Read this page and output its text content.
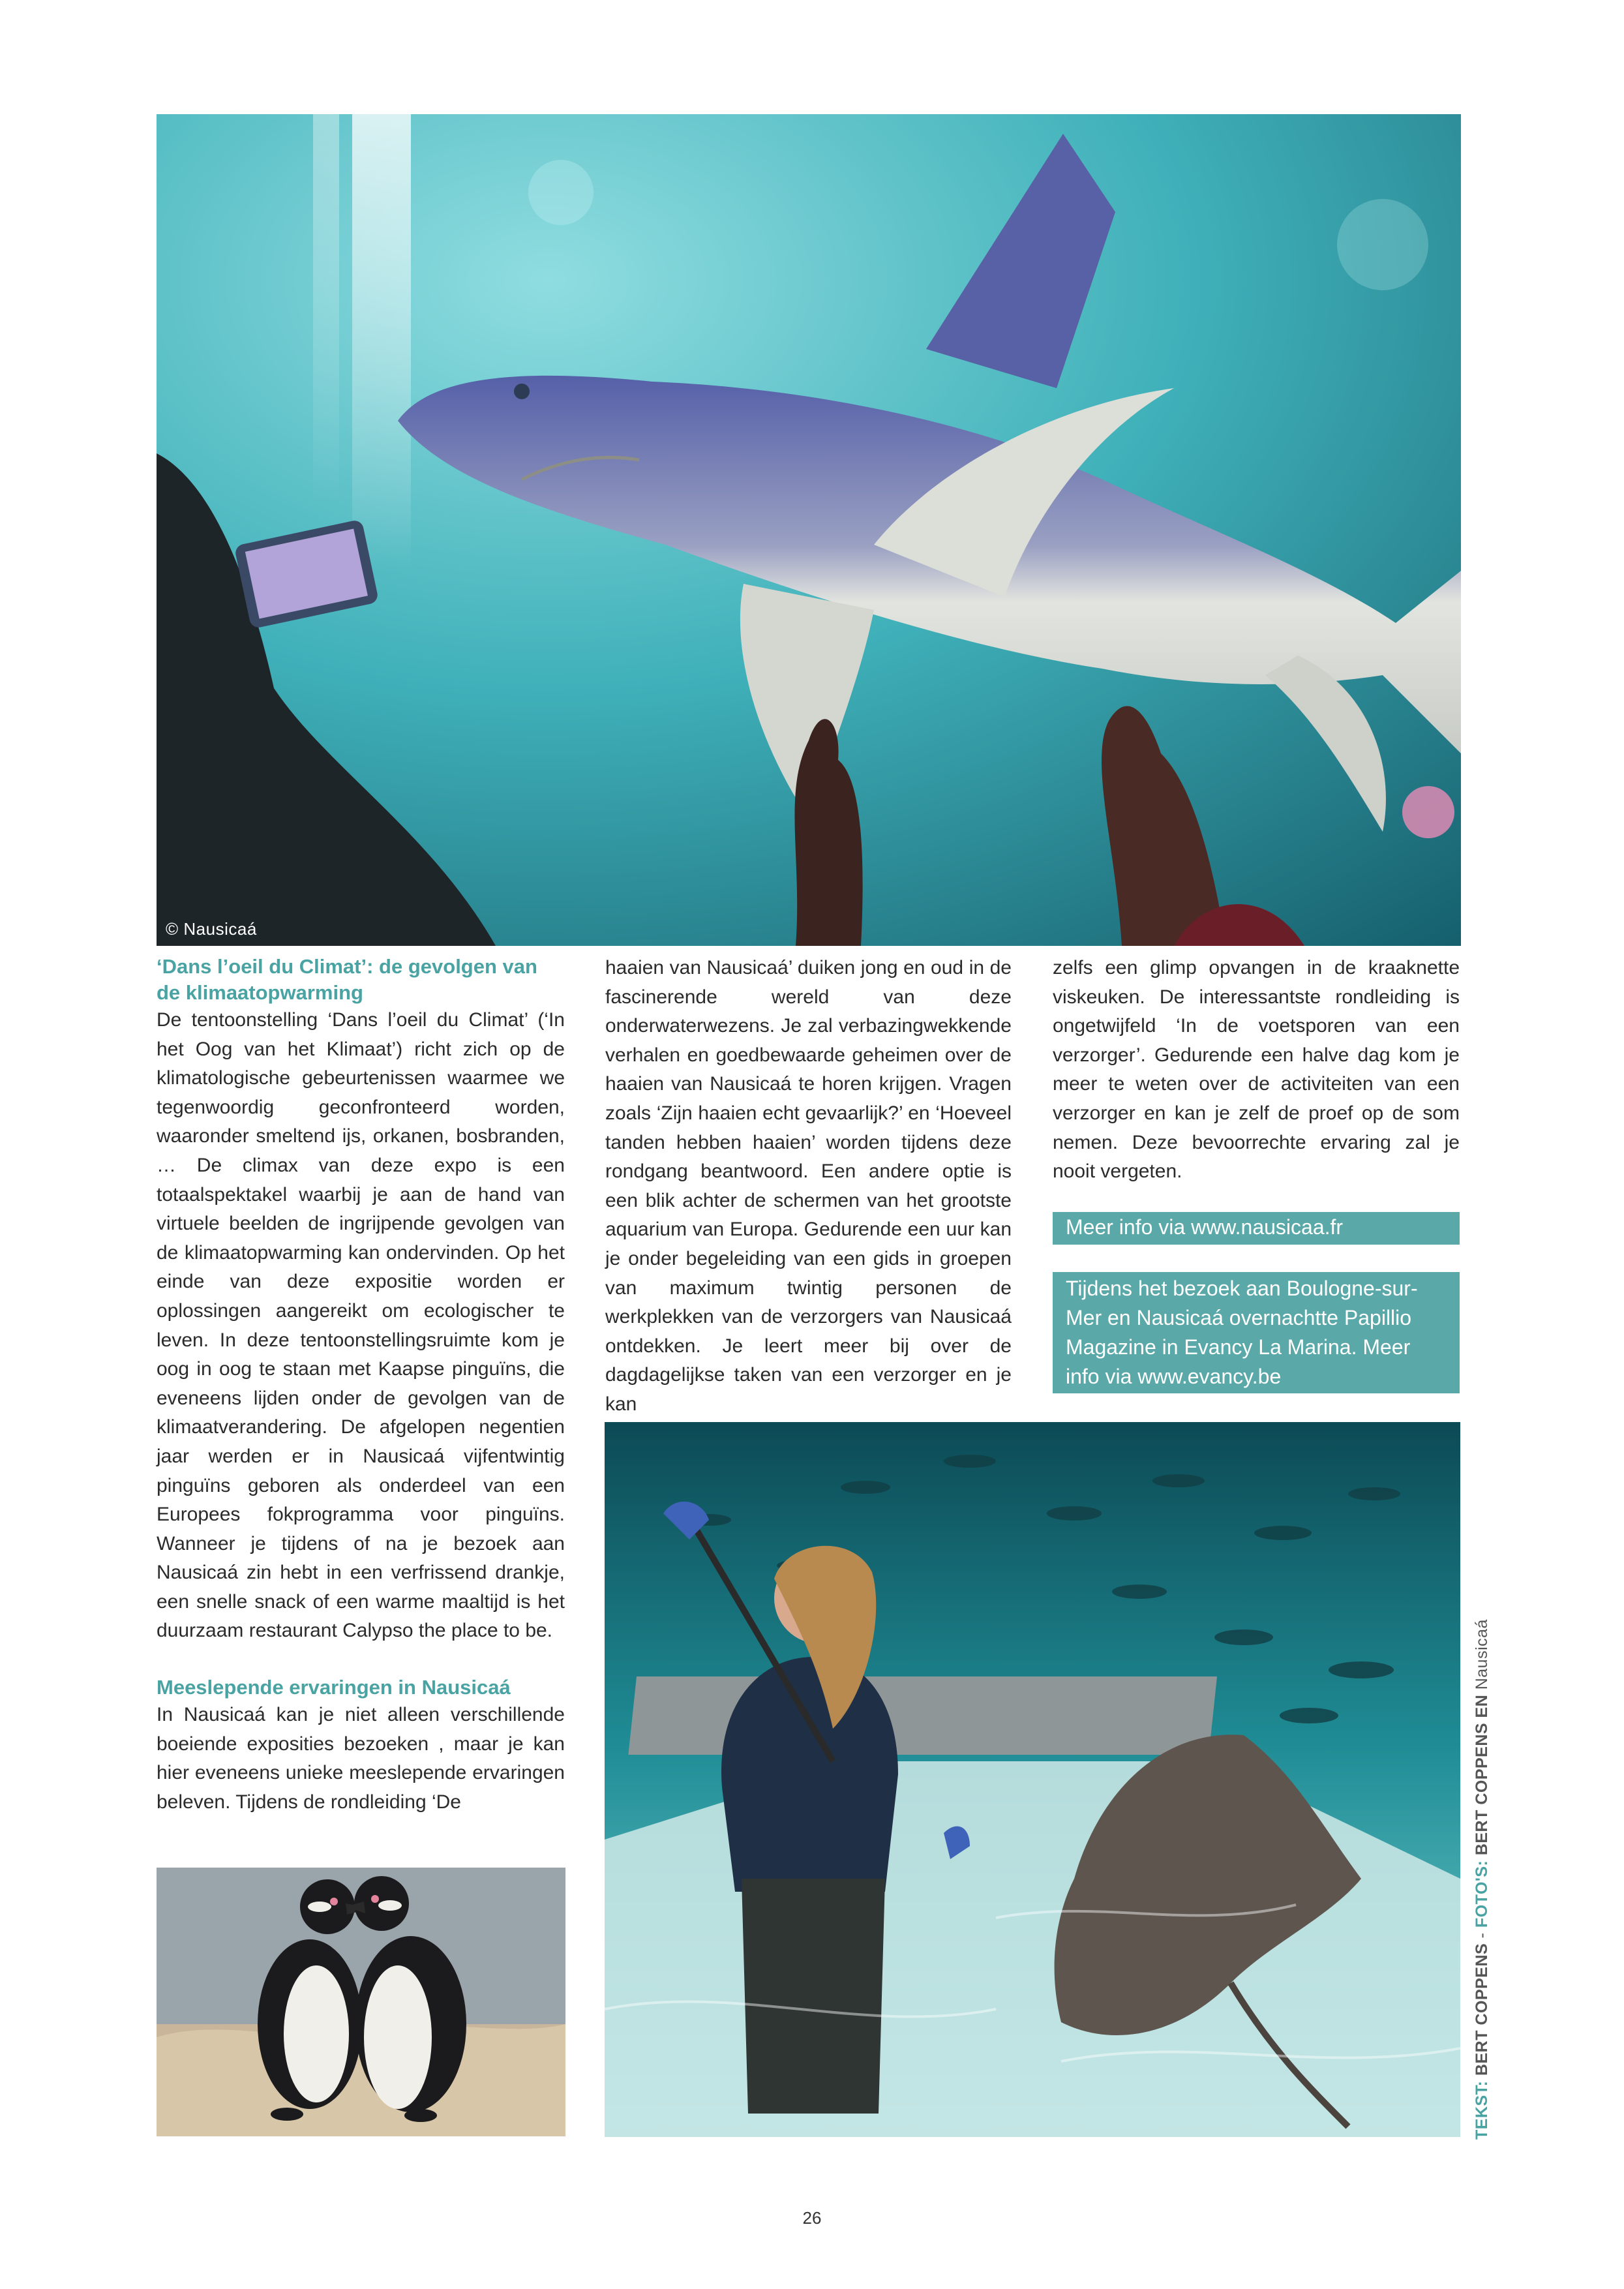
© Nausicaá
‘Dans l’oeil du Climat’: de gevolgen van de klimaatopwarming
De tentoonstelling ‘Dans l’oeil du Climat’ (‘In het Oog van het Klimaat’) richt zich op de klimatologische gebeurtenissen waarmee we tegenwoordig geconfronteerd worden, waaronder smeltend ijs, orkanen, bosbranden, … De climax van deze expo is een totaalspektakel waarbij je aan de hand van virtuele beelden de ingrijpende gevolgen van de klimaatopwarming kan ondervinden. Op het einde van deze expositie worden er oplossingen aangereikt om ecologischer te leven. In deze tentoonstellingsruimte kom je oog in oog te staan met Kaapse pinguïns, die eveneens lijden onder de gevolgen van de klimaatverandering. De afgelopen negentien jaar werden er in Nausicaá vijfentwintig pinguïns geboren als onderdeel van een Europees fokprogramma voor pinguïns. Wanneer je tijdens of na je bezoek aan Nausicaá zin hebt in een verfrissend drankje, een snelle snack of een warme maaltijd is het duurzaam restaurant Calypso the place to be.
Meeslepende ervaringen in Nausicaá
In Nausicaá kan je niet alleen verschillende boeiende exposities bezoeken , maar je kan hier eveneens unieke meeslepende ervaringen beleven. Tijdens de rondleiding ‘De
haaien van Nausicaá’ duiken jong en oud in de fascinerende wereld van deze onderwaterwezens. Je zal verbazingwekkende verhalen en goedbewaarde geheimen over de haaien van Nausicaá te horen krijgen. Vragen zoals ‘Zijn haaien echt gevaarlijk?’ en ‘Hoeveel tanden hebben haaien’ worden tijdens deze rondgang beantwoord. Een andere optie is een blik achter de schermen van het grootste aquarium van Europa. Gedurende een uur kan je onder begeleiding van een gids in groepen van maximum twintig personen de werkplekken van de verzorgers van Nausicaá ontdekken. Je leert meer bij over de dagdagelijkse taken van een verzorger en je kan
zelfs een glimp opvangen in de kraaknette viskeuken. De interessantste rondleiding is ongetwijfeld ‘In de voetsporen van een verzorger’. Gedurende een halve dag kom je meer te weten over de activiteiten van een verzorger en kan je zelf de proef op de som nemen. Deze bevoorrechte ervaring zal je nooit vergeten.
Meer info via www.nausicaa.fr
Tijdens het bezoek aan Boulogne-sur-Mer en Nausicaá overnachtte Papillio Magazine in Evancy La Marina. Meer info via www.evancy.be
TEKST: BERT COPPENS - FOTO'S: BERT COPPENS EN Nausicaá
26
